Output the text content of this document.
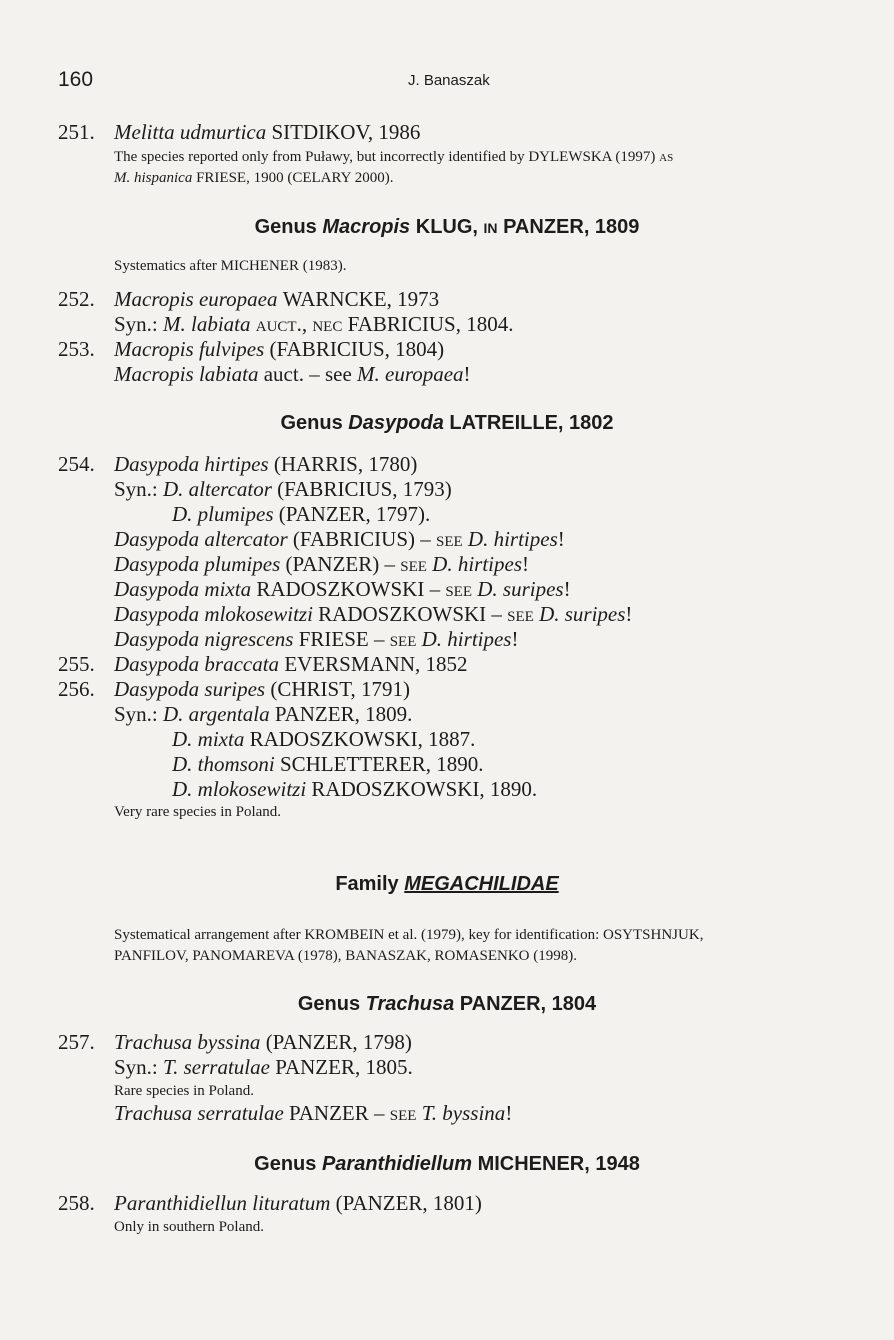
160	J. Banaszak
251. Melitta udmurtica SITDIKOV, 1986
The species reported only from Puławy, but incorrectly identified by DYLEWSKA (1997) as
M. hispanica FRIESE, 1900 (CELARY 2000).
Genus Macropis KLUG, in PANZER, 1809
Systematics after MICHENER (1983).
252. Macropis europaea WARNCKE, 1973
Syn.: M. labiata auct., nec FABRICIUS, 1804.
253. Macropis fulvipes (FABRICIUS, 1804)
Macropis labiata auct. – see M. europaea!
Genus Dasypoda LATREILLE, 1802
254. Dasypoda hirtipes (HARRIS, 1780)
Syn.: D. altercator (FABRICIUS, 1793)
D. plumipes (PANZER, 1797).
Dasypoda altercator (FABRICIUS) – see D. hirtipes!
Dasypoda plumipes (PANZER) – see D. hirtipes!
Dasypoda mixta RADOSZKOWSKI – see D. suripes!
Dasypoda mlokosewitzi RADOSZKOWSKI – see D. suripes!
Dasypoda nigrescens FRIESE – see D. hirtipes!
255. Dasypoda braccata EVERSMANN, 1852
256. Dasypoda suripes (CHRIST, 1791)
Syn.: D. argentala PANZER, 1809.
D. mixta RADOSZKOWSKI, 1887.
D. thomsoni SCHLETTERER, 1890.
D. mlokosewitzi RADOSZKOWSKI, 1890.
Very rare species in Poland.
Family MEGACHILIDAE
Systematical arrangement after KROMBEIN et al. (1979), key for identification: OSYTSHNJUK,
PANFILOV, PANOMAREVA (1978), BANASZAK, ROMASENKO (1998).
Genus Trachusa PANZER, 1804
257. Trachusa byssina (PANZER, 1798)
Syn.: T. serratulae PANZER, 1805.
Rare species in Poland.
Trachusa serratulae PANZER – see T. byssina!
Genus Paranthidiellum MICHENER, 1948
258. Paranthidiellun lituratum (PANZER, 1801)
Only in southern Poland.
